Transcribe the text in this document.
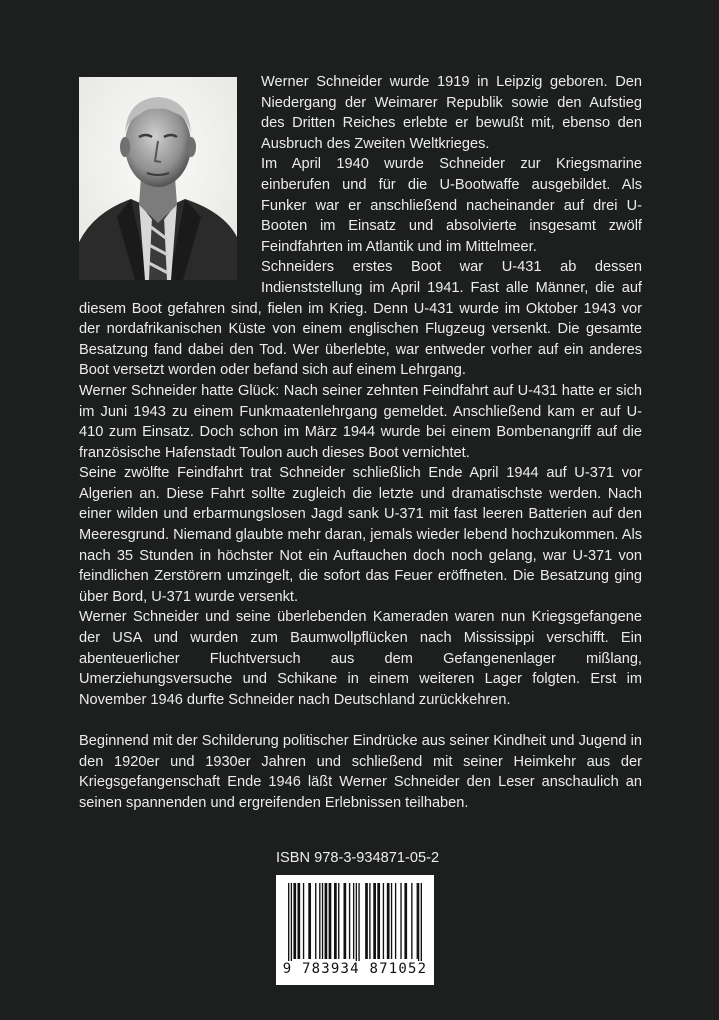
Werner Schneider wurde 1919 in Leipzig geboren. Den Niedergang der Weimarer Republik sowie den Aufstieg des Dritten Reiches erlebte er bewußt mit, ebenso den Ausbruch des Zweiten Weltkrieges.

Im April 1940 wurde Schneider zur Kriegsmarine einberufen und für die U-Bootwaffe ausgebildet. Als Funker war er anschließend nacheinander auf drei U-Booten im Einsatz und absolvierte insgesamt zwölf Feindfahrten im Atlantik und im Mittelmeer.

Schneiders erstes Boot war U-431 ab dessen Indienststellung im April 1941. Fast alle Männer, die auf diesem Boot gefahren sind, fielen im Krieg. Denn U-431 wurde im Oktober 1943 vor der nordafrikanischen Küste von einem englischen Flugzeug versenkt. Die gesamte Besatzung fand dabei den Tod. Wer überlebte, war entweder vorher auf ein anderes Boot versetzt worden oder befand sich auf einem Lehrgang.

Werner Schneider hatte Glück: Nach seiner zehnten Feindfahrt auf U-431 hatte er sich im Juni 1943 zu einem Funkmaatenlehrgang gemeldet. Anschließend kam er auf U-410 zum Einsatz. Doch schon im März 1944 wurde bei einem Bombenangriff auf die französische Hafenstadt Toulon auch dieses Boot vernichtet.

Seine zwölfte Feindfahrt trat Schneider schließlich Ende April 1944 auf U-371 vor Algerien an. Diese Fahrt sollte zugleich die letzte und dramatischste werden. Nach einer wilden und erbarmungslosen Jagd sank U-371 mit fast leeren Batterien auf den Meeresgrund. Niemand glaubte mehr daran, jemals wieder lebend hochzukommen. Als nach 35 Stunden in höchster Not ein Auftauchen doch noch gelang, war U-371 von feindlichen Zerstörern umzingelt, die sofort das Feuer eröffneten. Die Besatzung ging über Bord, U-371 wurde versenkt.

Werner Schneider und seine überlebenden Kameraden waren nun Kriegsgefangene der USA und wurden zum Baumwollpflücken nach Mississippi verschifft. Ein abenteuerlicher Fluchtversuch aus dem Gefangenenlager mißlang, Umerziehungsversuche und Schikane in einem weiteren Lager folgten. Erst im November 1946 durfte Schneider nach Deutschland zurückkehren.

Beginnend mit der Schilderung politischer Eindrücke aus seiner Kindheit und Jugend in den 1920er und 1930er Jahren und schließend mit seiner Heimkehr aus der Kriegsgefangenschaft Ende 1946 läßt Werner Schneider den Leser anschaulich an seinen spannenden und ergreifenden Erlebnissen teilhaben.

ISBN 978-3-934871-05-2
9 783934 871052
